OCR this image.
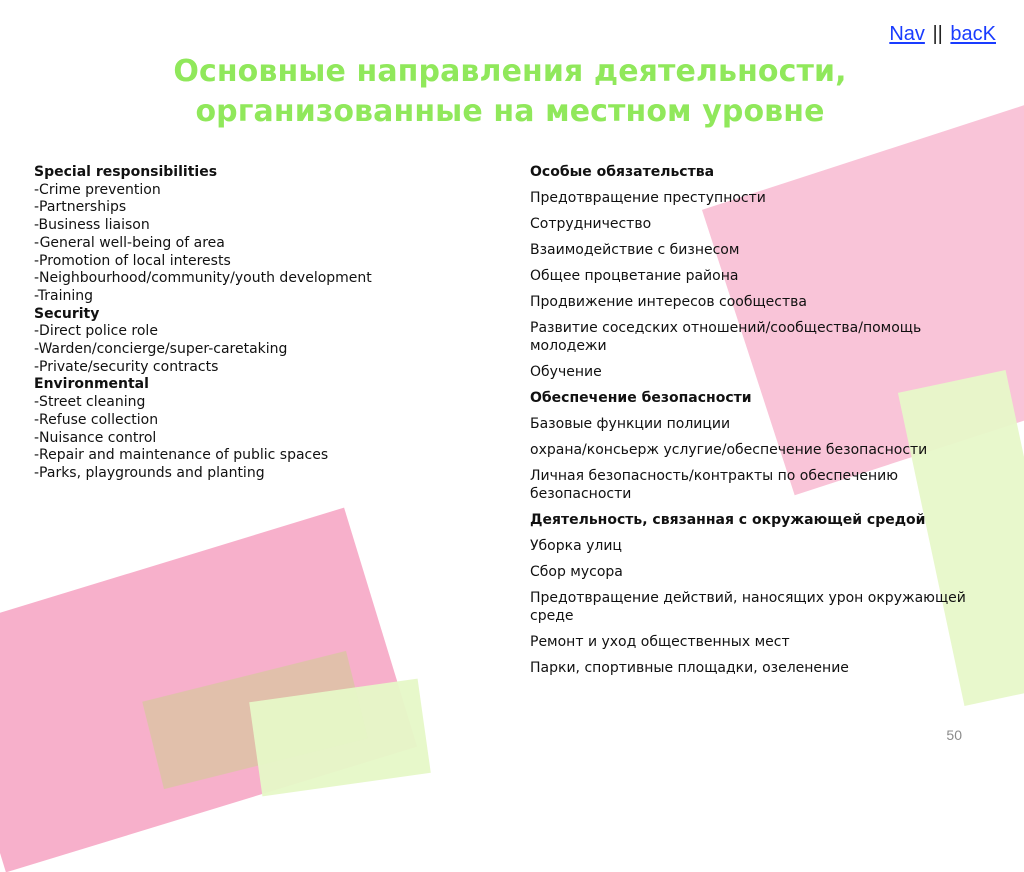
Nav || bacK
Основные направления деятельности,
организованные на местном уровне
Special responsibilities
-Crime prevention
-Partnerships
-Business liaison
-General well-being of area
-Promotion of local interests
-Neighbourhood/community/youth development
-Training
Security
-Direct police role
-Warden/concierge/super-caretaking
-Private/security contracts
Environmental
-Street cleaning
-Refuse collection
-Nuisance control
-Repair and maintenance of public spaces
-Parks, playgrounds and planting
Особые обязательства
Предотвращение преступности
Сотрудничество
Взаимодействие с бизнесом
Общее процветание района
Продвижение интересов сообщества
Развитие соседских отношений/сообщества/помощь молодежи
Обучение
Обеспечение безопасности
Базовые функции полиции
охрана/консьерж услугие/обеспечение безопасности
Личная безопасность/контракты по обеспечению безопасности
Деятельность, связанная с окружающей средой
Уборка улиц
Сбор мусора
Предотвращение действий, наносящих урон окружающей среде
Ремонт и уход общественных мест
Парки, спортивные площадки, озеленение
50
